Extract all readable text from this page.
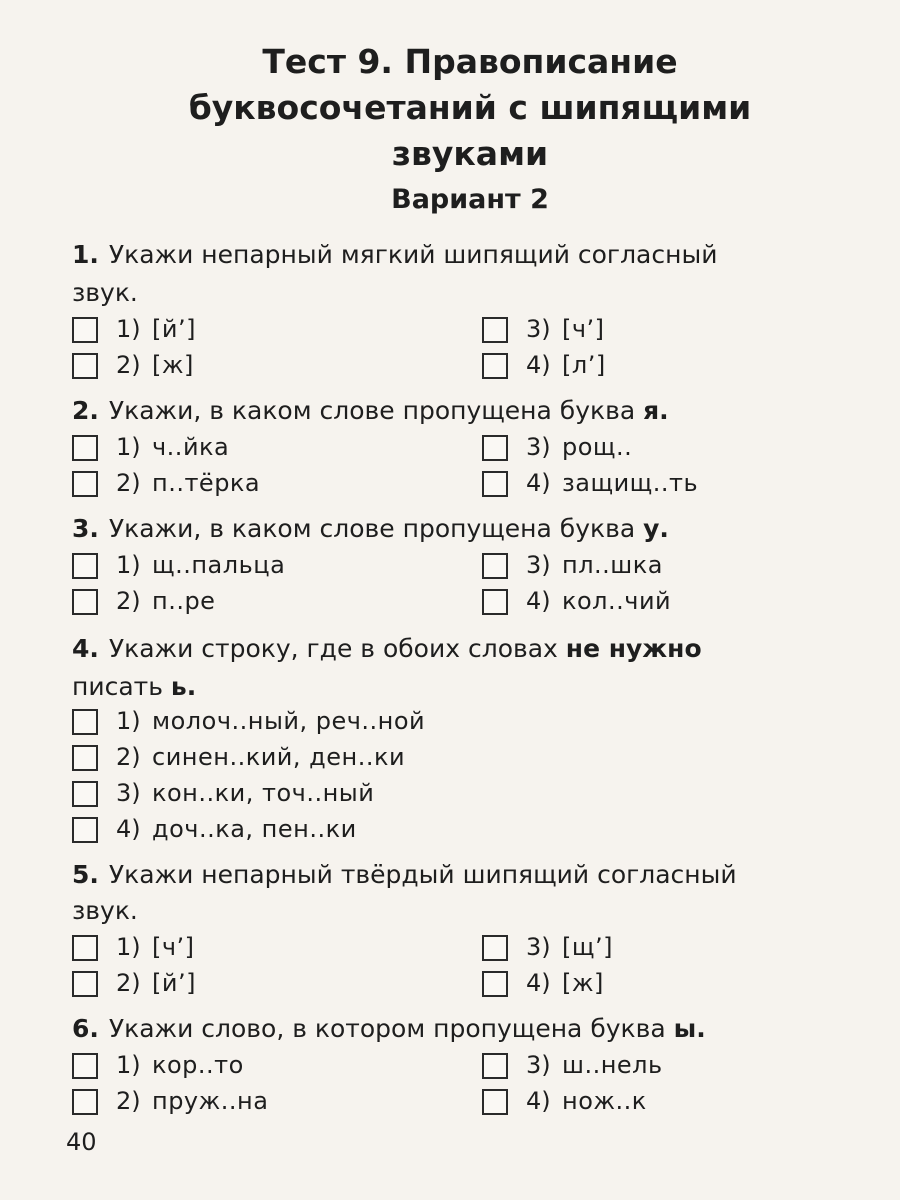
Тест 9. Правописание
буквосочетаний с шипящими
звуками
Вариант 2
1. Укажи непарный мягкий шипящий согласный
звук.
1) [й’]
2) [ж]
3) [ч’]
4) [л’]
2. Укажи, в каком слове пропущена буква я.
1) ч..йка
2) п..тёрка
3) рощ..
4) защищ..ть
3. Укажи, в каком слове пропущена буква у.
1) щ..пальца
2) п..ре
3) пл..шка
4) кол..чий
4. Укажи строку, где в обоих словах не нужно
писать ь.
1) молоч..ный, реч..ной
2) синен..кий, ден..ки
3) кон..ки, точ..ный
4) доч..ка, пен..ки
5. Укажи непарный твёрдый шипящий согласный
звук.
1) [ч’]
2) [й’]
3) [щ’]
4) [ж]
6. Укажи слово, в котором пропущена буква ы.
1) кор..то
2) пруж..на
3) ш..нель
4) нож..к
40
